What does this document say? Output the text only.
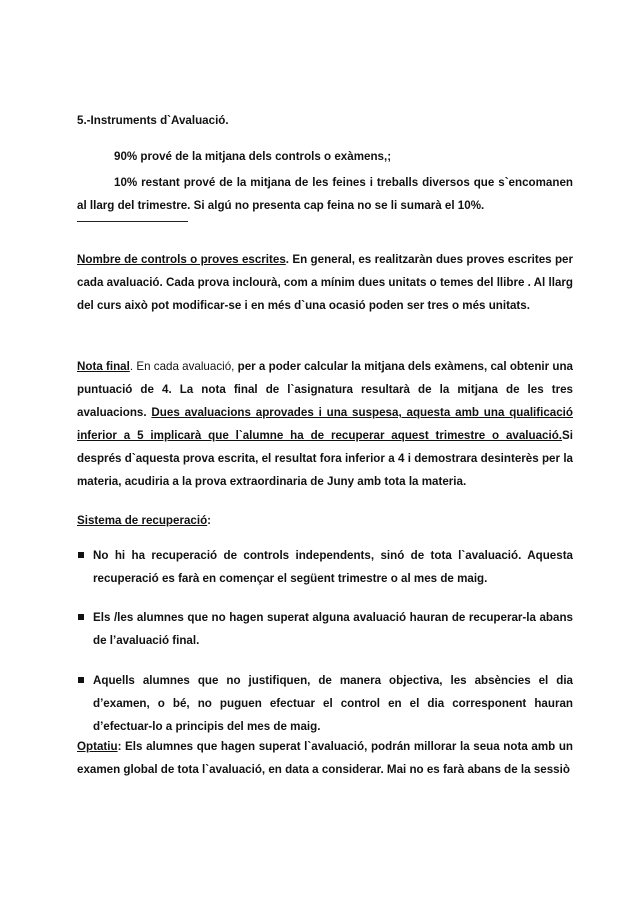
5.-Instruments d`Avaluació.
90% prové de la mitjana dels controls o exàmens,;
10% restant prové de la mitjana de les feines i treballs diversos que s`encomanen al llarg del trimestre. Si algú no presenta cap feina no se li sumarà el 10%.
Nombre de controls o proves escrites. En general, es realitzaràn dues proves escrites per cada avaluació. Cada prova inclourà, com a mínim dues unitats o temes del llibre . Al llarg del curs això pot modificar-se i en més d`una ocasió poden ser tres o més unitats.
Nota final. En cada avaluació, per a poder calcular la mitjana dels exàmens, cal obtenir una puntuació de 4. La nota final de l`asignatura resultarà de la mitjana de les tres avaluacions. Dues avaluacions aprovades i una suspesa, aquesta amb una qualificació inferior a 5 implicarà que l`alumne ha de recuperar aquest trimestre o avaluació.Si després d`aquesta prova escrita, el resultat fora inferior a 4 i demostrara desinterès per la materia, acudiria a la prova extraordinaria de Juny amb tota la materia.
Sistema de recuperació:
No hi ha recuperació de controls independents, sinó de tota l`avaluació. Aquesta recuperació es farà en començar el següent trimestre o al mes de maig.
Els /les alumnes que no hagen superat alguna avaluació hauran de recuperar-la abans de l’avaluació final.
Aquells alumnes que no justifiquen, de manera objectiva, les absències el dia d’examen, o bé, no puguen efectuar el control en el dia corresponent hauran d’efectuar-lo a principis del mes de maig.
Optatiu: Els alumnes que hagen superat l`avaluació, podrán millorar la seua nota amb un examen global de tota l`avaluació, en data a considerar. Mai no es farà abans de la sessiò
